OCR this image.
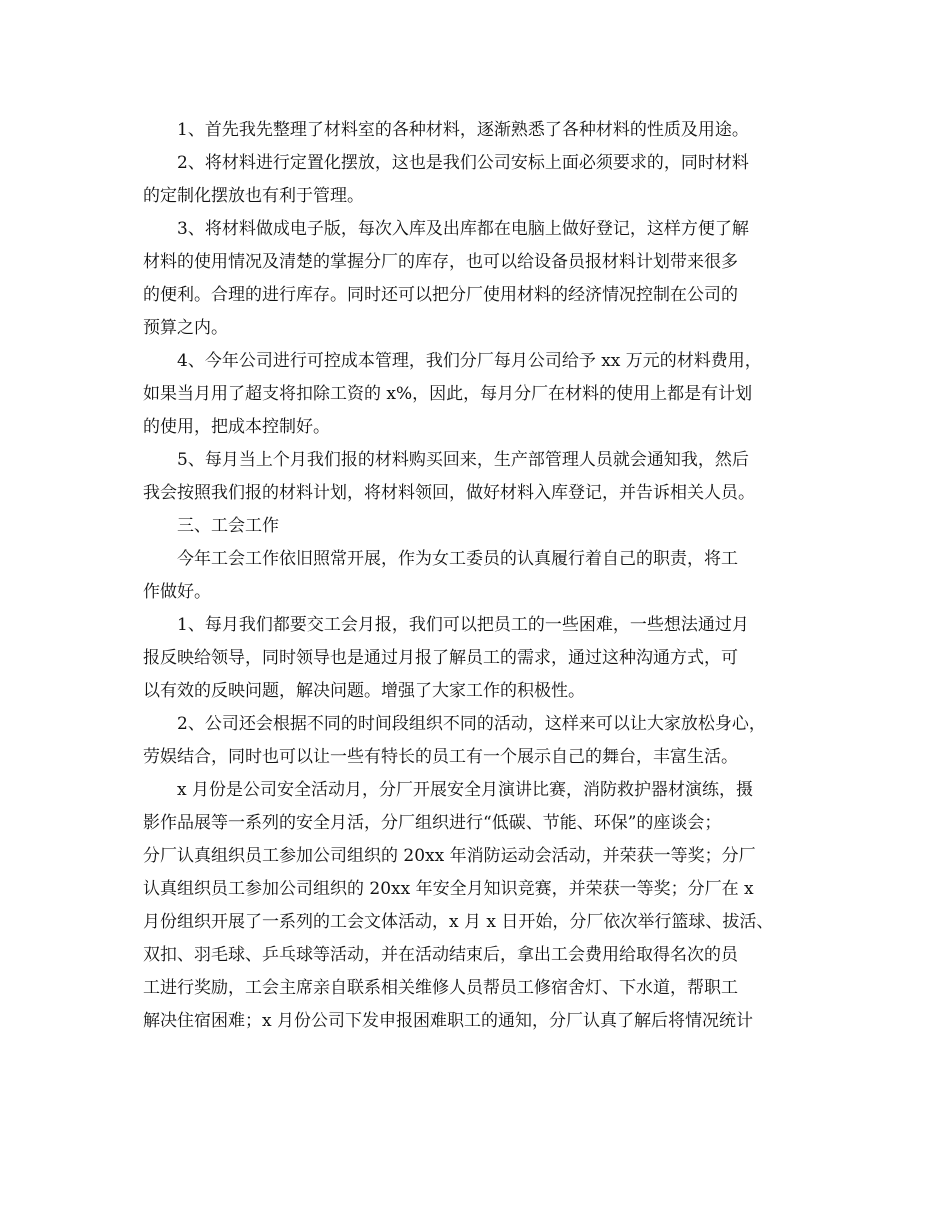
1、首先我先整理了材料室的各种材料，逐渐熟悉了各种材料的性质及用途。
2、将材料进行定置化摆放，这也是我们公司安标上面必须要求的，同时材料
的定制化摆放也有利于管理。
3、将材料做成电子版，每次入库及出库都在电脑上做好登记，这样方便了解
材料的使用情况及清楚的掌握分厂的库存，也可以给设备员报材料计划带来很多
的便利。合理的进行库存。同时还可以把分厂使用材料的经济情况控制在公司的
预算之内。
4、今年公司进行可控成本管理，我们分厂每月公司给予 xx 万元的材料费用，
如果当月用了超支将扣除工资的 x%，因此，每月分厂在材料的使用上都是有计划
的使用，把成本控制好。
5、每月当上个月我们报的材料购买回来，生产部管理人员就会通知我，然后
我会按照我们报的材料计划，将材料领回，做好材料入库登记，并告诉相关人员。
三、工会工作
今年工会工作依旧照常开展，作为女工委员的认真履行着自己的职责，将工
作做好。
1、每月我们都要交工会月报，我们可以把员工的一些困难，一些想法通过月
报反映给领导，同时领导也是通过月报了解员工的需求，通过这种沟通方式，可
以有效的反映问题，解决问题。增强了大家工作的积极性。
2、公司还会根据不同的时间段组织不同的活动，这样来可以让大家放松身心，
劳娱结合，同时也可以让一些有特长的员工有一个展示自己的舞台，丰富生活。
x 月份是公司安全活动月，分厂开展安全月演讲比赛，消防救护器材演练，摄
影作品展等一系列的安全月活，分厂组织进行“低碳、节能、环保”的座谈会；
分厂认真组织员工参加公司组织的 20xx 年消防运动会活动，并荣获一等奖；分厂
认真组织员工参加公司组织的 20xx 年安全月知识竞赛，并荣获一等奖；分厂在 x
月份组织开展了一系列的工会文体活动，x 月 x 日开始，分厂依次举行篮球、拔活、
双扣、羽毛球、乒乓球等活动，并在活动结束后，拿出工会费用给取得名次的员
工进行奖励，工会主席亲自联系相关维修人员帮员工修宿舍灯、下水道，帮职工
解决住宿困难；x 月份公司下发申报困难职工的通知，分厂认真了解后将情况统计
